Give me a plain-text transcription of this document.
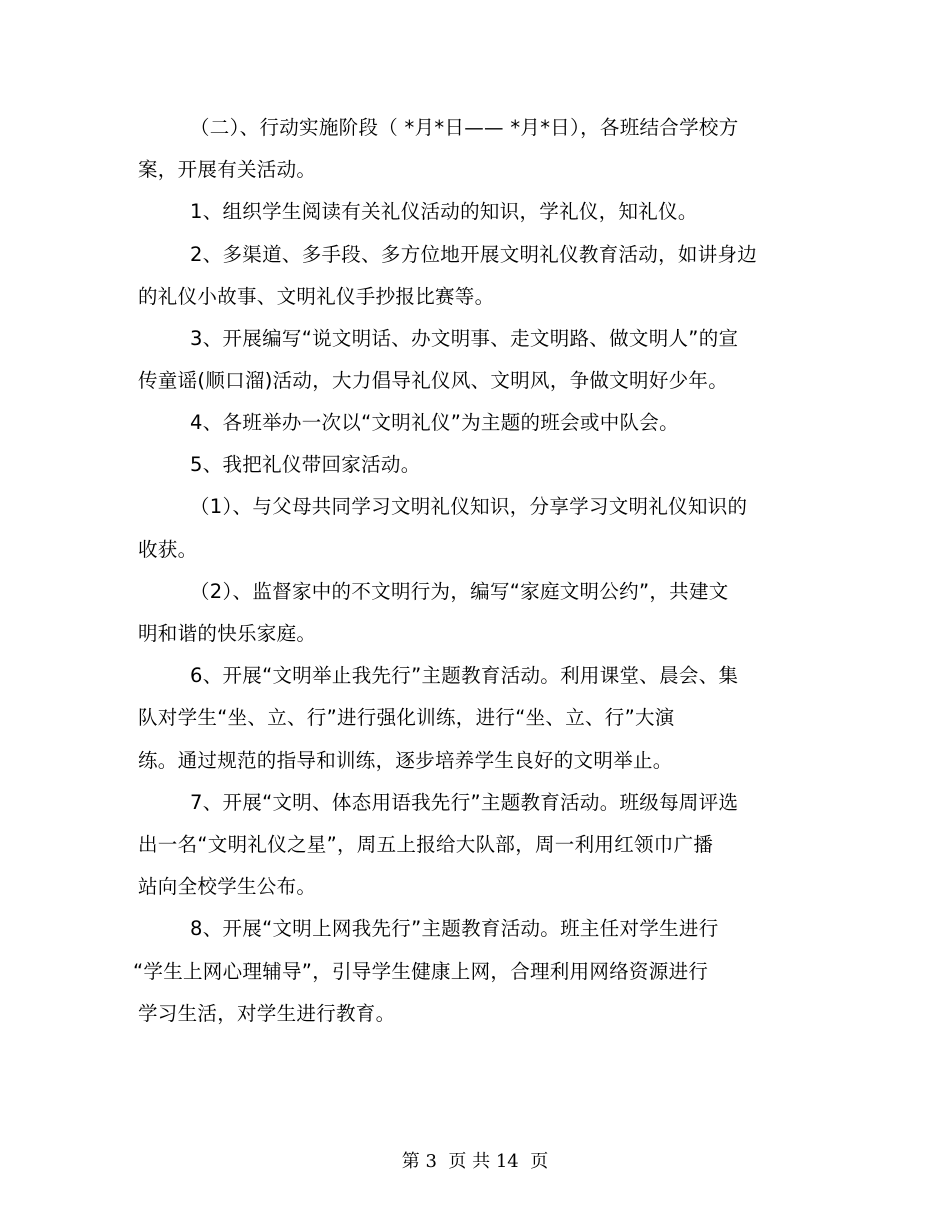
（二）、行动实施阶段（ *月*日—— *月*日），各班结合学校方
案，开展有关活动。
1、组织学生阅读有关礼仪活动的知识，学礼仪，知礼仪。
2、多渠道、多手段、多方位地开展文明礼仪教育活动，如讲身边
的礼仪小故事、文明礼仪手抄报比赛等。
3、开展编写“说文明话、办文明事、走文明路、做文明人”的宣
传童谣(顺口溜)活动，大力倡导礼仪风、文明风，争做文明好少年。
4、各班举办一次以“文明礼仪”为主题的班会或中队会。
5、我把礼仪带回家活动。
（1）、与父母共同学习文明礼仪知识，分享学习文明礼仪知识的
收获。
（2）、监督家中的不文明行为，编写“家庭文明公约”，共建文
明和谐的快乐家庭。
6、开展“文明举止我先行”主题教育活动。利用课堂、晨会、集
队对学生“坐、立、行”进行强化训练，进行“坐、立、行”大演
练。通过规范的指导和训练，逐步培养学生良好的文明举止。
7、开展“文明、体态用语我先行”主题教育活动。班级每周评选
出一名“文明礼仪之星”，周五上报给大队部，周一利用红领巾广播
站向全校学生公布。
8、开展“文明上网我先行”主题教育活动。班主任对学生进行
“学生上网心理辅导”，引导学生健康上网，合理利用网络资源进行
学习生活，对学生进行教育。
第 3  页 共 14  页
